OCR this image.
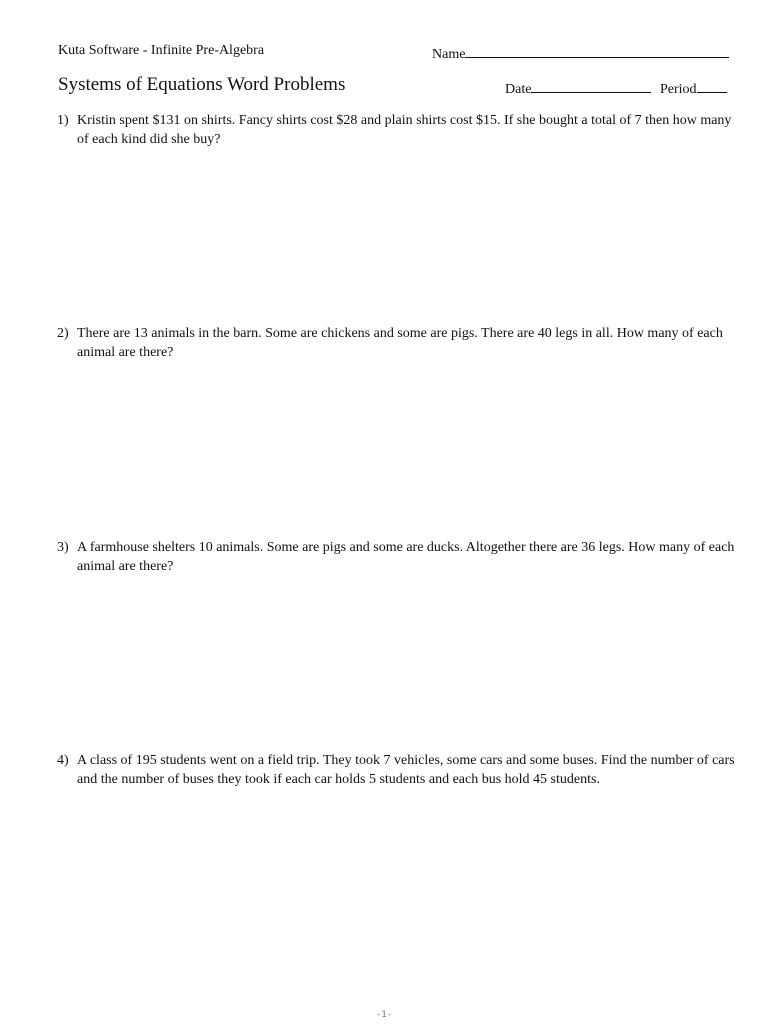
Kuta Software - Infinite Pre-Algebra	Name
Systems of Equations Word Problems	Date	Period
1) Kristin spent $131 on shirts. Fancy shirts cost $28 and plain shirts cost $15. If she bought a total of 7 then how many of each kind did she buy?
2) There are 13 animals in the barn. Some are chickens and some are pigs. There are 40 legs in all. How many of each animal are there?
3) A farmhouse shelters 10 animals. Some are pigs and some are ducks. Altogether there are 36 legs. How many of each animal are there?
4) A class of 195 students went on a field trip. They took 7 vehicles, some cars and some buses. Find the number of cars and the number of buses they took if each car holds 5 students and each bus hold 45 students.
-1-
